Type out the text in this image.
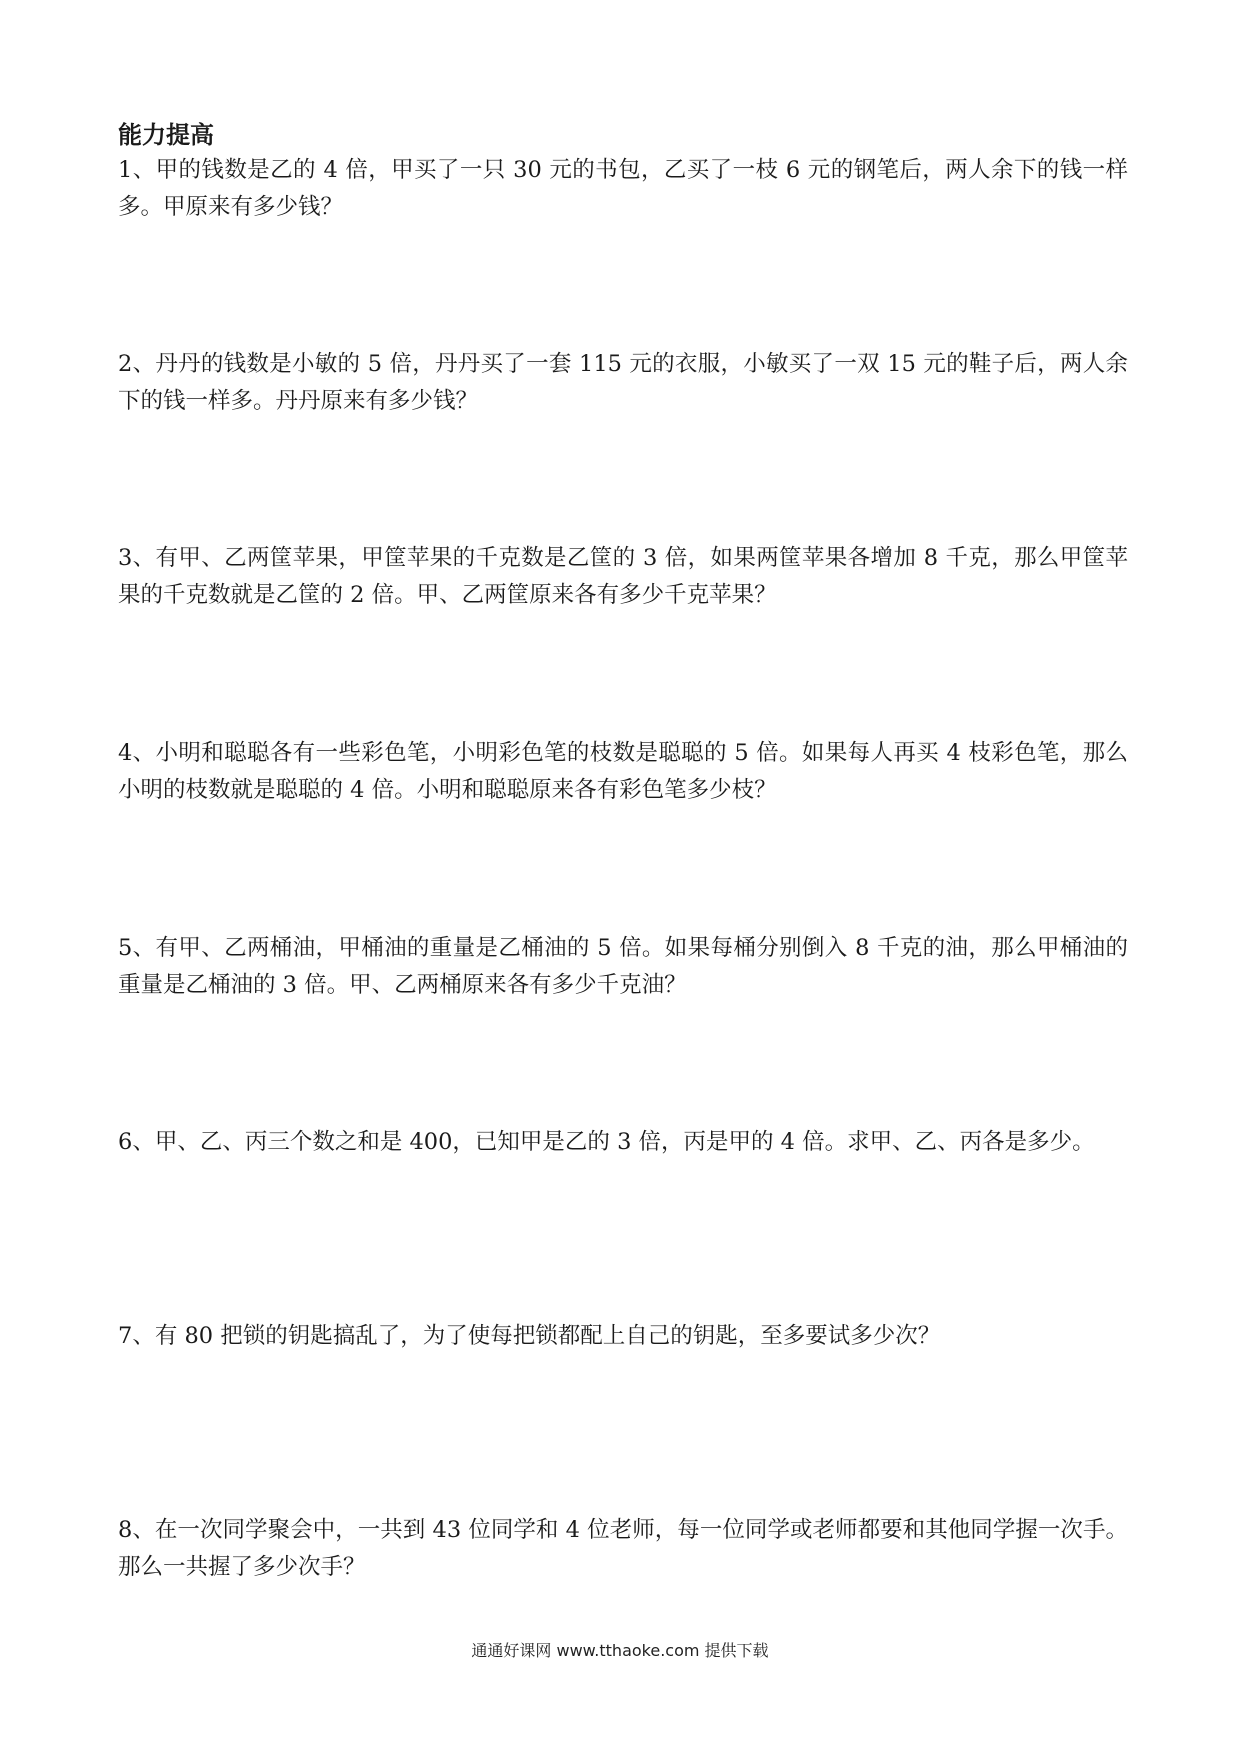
能力提高

1、甲的钱数是乙的 4 倍，甲买了一只 30 元的书包，乙买了一枝 6 元的钢笔后，两人余下的钱一样多。甲原来有多少钱？

2、丹丹的钱数是小敏的 5 倍，丹丹买了一套 115 元的衣服，小敏买了一双 15 元的鞋子后，两人余下的钱一样多。丹丹原来有多少钱？

3、有甲、乙两筐苹果，甲筐苹果的千克数是乙筐的 3 倍，如果两筐苹果各增加 8 千克，那么甲筐苹果的千克数就是乙筐的 2 倍。甲、乙两筐原来各有多少千克苹果？

4、小明和聪聪各有一些彩色笔，小明彩色笔的枝数是聪聪的 5 倍。如果每人再买 4 枝彩色笔，那么小明的枝数就是聪聪的 4 倍。小明和聪聪原来各有彩色笔多少枝？

5、有甲、乙两桶油，甲桶油的重量是乙桶油的 5 倍。如果每桶分别倒入 8 千克的油，那么甲桶油的重量是乙桶油的 3 倍。甲、乙两桶原来各有多少千克油？

6、甲、乙、丙三个数之和是 400，已知甲是乙的 3 倍，丙是甲的 4 倍。求甲、乙、丙各是多少。

7、有 80 把锁的钥匙搞乱了，为了使每把锁都配上自己的钥匙，至多要试多少次？

8、在一次同学聚会中，一共到 43 位同学和 4 位老师，每一位同学或老师都要和其他同学握一次手。那么一共握了多少次手？

通通好课网 www.tthaoke.com 提供下载
